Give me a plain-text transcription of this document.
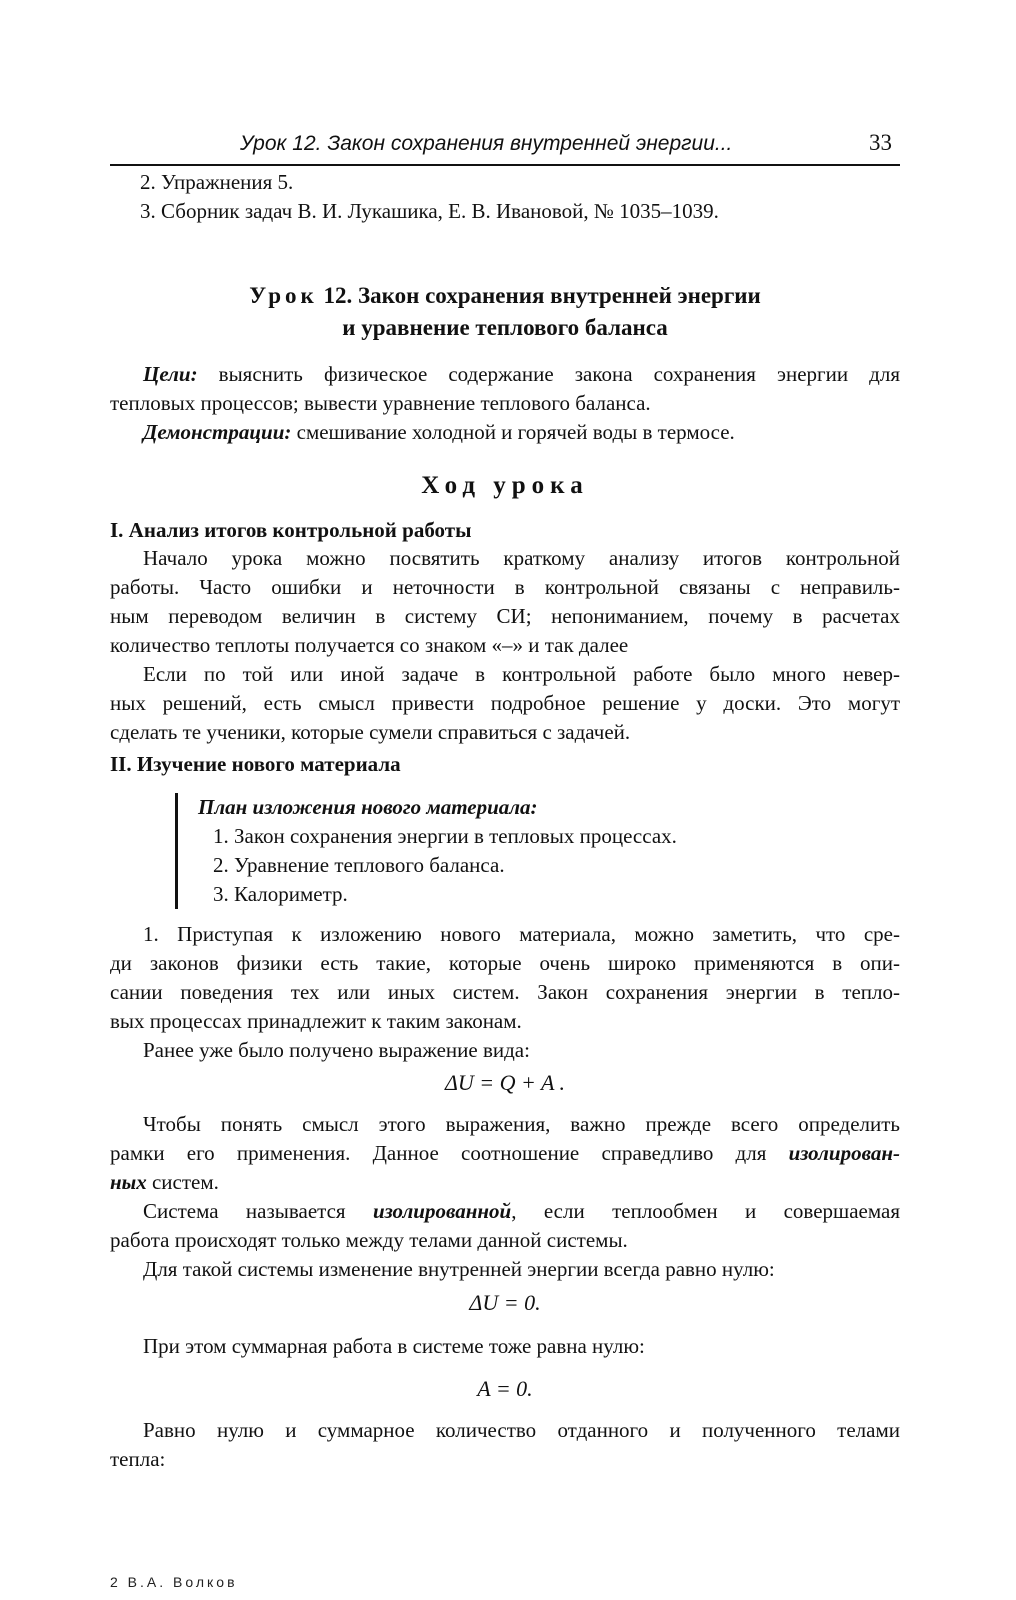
Урок 12. Закон сохранения внутренней энергии...	33
2. Упражнения 5.
3. Сборник задач В. И. Лукашика, Е. В. Ивановой, № 1035–1039.
Урок 12. Закон сохранения внутренней энергии
и уравнение теплового баланса
Цели: выяснить физическое содержание закона сохранения энергии для
тепловых процессов; вывести уравнение теплового баланса.
Демонстрации: смешивание холодной и горячей воды в термосе.
Ход урока
I. Анализ итогов контрольной работы
Начало урока можно посвятить краткому анализу итогов контрольной
работы. Часто ошибки и неточности в контрольной связаны с неправиль-
ным переводом величин в систему СИ; непониманием, почему в расчетах
количество теплоты получается со знаком «–» и так далее
Если по той или иной задаче в контрольной работе было много невер-
ных решений, есть смысл привести подробное решение у доски. Это могут
сделать те ученики, которые сумели справиться с задачей.
II. Изучение нового материала
План изложения нового материала:
1. Закон сохранения энергии в тепловых процессах.
2. Уравнение теплового баланса.
3. Калориметр.
1. Приступая к изложению нового материала, можно заметить, что сре-
ди законов физики есть такие, которые очень широко применяются в опи-
сании поведения тех или иных систем. Закон сохранения энергии в тепло-
вых процессах принадлежит к таким законам.
Ранее уже было получено выражение вида:
ΔU = Q + A .
Чтобы понять смысл этого выражения, важно прежде всего определить
рамки его применения. Данное соотношение справедливо для изолирован-
ных систем.
Система называется изолированной, если теплообмен и совершаемая
работа происходят только между телами данной системы.
Для такой системы изменение внутренней энергии всегда равно нулю:
ΔU = 0.
При этом суммарная работа в системе тоже равна нулю:
A = 0.
Равно нулю и суммарное количество отданного и полученного телами
тепла:
2 В.А. Волков
